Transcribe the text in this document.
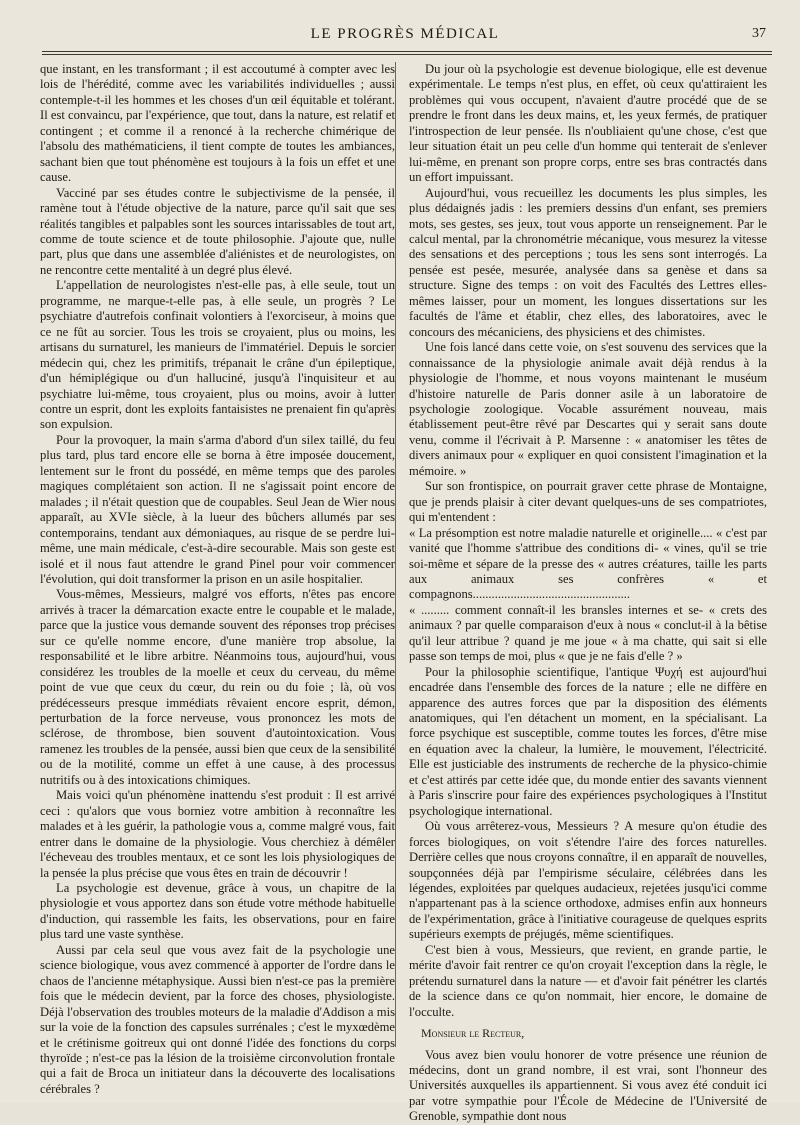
LE PROGRÈS MÉDICAL	37

que instant, en les transformant ; il est accoutumé à compter avec les lois de l'hérédité, comme avec les variabilités individuelles ; aussi contemple-t-il les hommes et les choses d'un œil équitable et tolérant. Il est convaincu, par l'expérience, que tout, dans la nature, est relatif et contingent ; et comme il a renoncé à la recherche chimérique de l'absolu des mathématiciens, il tient compte de toutes les ambiances, sachant bien que tout phénomène est toujours à la fois un effet et une cause.

Vacciné par ses études contre le subjectivisme de la pensée, il ramène tout à l'étude objective de la nature, parce qu'il sait que ses réalités tangibles et palpables sont les sources intarissables de tout art, comme de toute science et de toute philosophie. J'ajoute que, nulle part, plus que dans une assemblée d'aliénistes et de neurologistes, on ne rencontre cette mentalité à un degré plus élevé.

L'appellation de neurologistes n'est-elle pas, à elle seule, tout un programme, ne marque-t-elle pas, à elle seule, un progrès ? Le psychiatre d'autrefois confinait volontiers à l'exorciseur, à moins que ce ne fût au sorcier. Tous les trois se croyaient, plus ou moins, les artisans du surnaturel, les manieurs de l'immatériel. Depuis le sorcier médecin qui, chez les primitifs, trépanait le crâne d'un épileptique, d'un hémiplégique ou d'un halluciné, jusqu'à l'inquisiteur et au psychiatre lui-même, tous croyaient, plus ou moins, avoir à lutter contre un esprit, dont les exploits fantaisistes ne prenaient fin qu'après son expulsion.

Pour la provoquer, la main s'arma d'abord d'un silex taillé, du feu plus tard, plus tard encore elle se borna à être imposée doucement, lentement sur le front du possédé, en même temps que des paroles magiques complétaient son action. Il ne s'agissait point encore de malades ; il n'était question que de coupables. Seul Jean de Wier nous apparaît, au XVIe siècle, à la lueur des bûchers allumés par ses contemporains, tendant aux démoniaques, au risque de se perdre lui-même, une main médicale, c'est-à-dire secourable. Mais son geste est isolé et il nous faut attendre le grand Pinel pour voir commencer l'évolution, qui doit transformer la prison en un asile hospitalier.

Vous-mêmes, Messieurs, malgré vos efforts, n'êtes pas encore arrivés à tracer la démarcation exacte entre le coupable et le malade, parce que la justice vous demande souvent des réponses trop précises sur ce qu'elle nomme encore, d'une manière trop absolue, la responsabilité et le libre arbitre. Néanmoins tous, aujourd'hui, vous considérez les troubles de la moelle et ceux du cerveau, du même point de vue que ceux du cœur, du rein ou du foie ; là, où vos prédécesseurs presque immédiats rêvaient encore esprit, démon, perturbation de la force nerveuse, vous prononcez les mots de sclérose, de thrombose, bien souvent d'autointoxication. Vous ramenez les troubles de la pensée, aussi bien que ceux de la sensibilité ou de la motilité, comme un effet à une cause, à des processus nutritifs ou à des intoxications chimiques.

Mais voici qu'un phénomène inattendu s'est produit : Il est arrivé ceci : qu'alors que vous borniez votre ambition à reconnaître les malades et à les guérir, la pathologie vous a, comme malgré vous, fait entrer dans le domaine de la physiologie. Vous cherchiez à démêler l'écheveau des troubles mentaux, et ce sont les lois physiologiques de la pensée la plus précise que vous êtes en train de découvrir !

La psychologie est devenue, grâce à vous, un chapitre de la physiologie et vous apportez dans son étude votre méthode habituelle d'induction, qui rassemble les faits, les observations, pour en faire plus tard une vaste synthèse.

Aussi par cela seul que vous avez fait de la psychologie une science biologique, vous avez commencé à apporter de l'ordre dans le chaos de l'ancienne métaphysique. Aussi bien n'est-ce pas la première fois que le médecin devient, par la force des choses, physiologiste. Déjà l'observation des troubles moteurs de la maladie d'Addison a mis sur la voie de la fonction des capsules surrénales ; c'est le myxœdème et le crétinisme goitreux qui ont donné l'idée des fonctions du corps thyroïde ; n'est-ce pas la lésion de la troisième circonvolution frontale qui a fait de Broca un initiateur dans la découverte des localisations cérébrales ?

Du jour où la psychologie est devenue biologique, elle est devenue expérimentale. Le temps n'est plus, en effet, où ceux qu'attiraient les problèmes qui vous occupent, n'avaient d'autre procédé que de se prendre le front dans les deux mains, et, les yeux fermés, de pratiquer l'introspection de leur pensée. Ils n'oubliaient qu'une chose, c'est que leur situation était un peu celle d'un homme qui tenterait de s'enlever lui-même, en prenant son propre corps, entre ses bras contractés dans un effort impuissant.

Aujourd'hui, vous recueillez les documents les plus simples, les plus dédaignés jadis : les premiers dessins d'un enfant, ses premiers mots, ses gestes, ses jeux, tout vous apporte un renseignement. Par le calcul mental, par la chronométrie mécanique, vous mesurez la vitesse des sensations et des perceptions ; tous les sens sont interrogés. La pensée est pesée, mesurée, analysée dans sa genèse et dans sa structure. Signe des temps : on voit des Facultés des Lettres elles-mêmes laisser, pour un moment, les longues dissertations sur les facultés de l'âme et établir, chez elles, des laboratoires, avec le concours des mécaniciens, des physiciens et des chimistes.

Une fois lancé dans cette voie, on s'est souvenu des services que la connaissance de la physiologie animale avait déjà rendus à la physiologie de l'homme, et nous voyons maintenant le muséum d'histoire naturelle de Paris donner asile à un laboratoire de psychologie zoologique. Vocable assurément nouveau, mais établissement peut-être rêvé par Descartes qui y serait sans doute venu, comme il l'écrivait à P. Marsenne : « anatomiser les têtes de divers animaux pour « expliquer en quoi consistent l'imagination et la mémoire. »

Sur son frontispice, on pourrait graver cette phrase de Montaigne, que je prends plaisir à citer devant quelques-uns de ses compatriotes, qui m'entendent :

« La présomption est notre maladie naturelle et originelle.... « c'est par vanité que l'homme s'attribue des conditions di- « vines, qu'il se trie soi-même et sépare de la presse des « autres créatures, taille les parts aux animaux ses confrères « et compagnons..................................................

« ......... comment connaît-il les bransles internes et se- « crets des animaux ? par quelle comparaison d'eux à nous « conclut-il à la bêtise qu'il leur attribue ? quand je me joue « à ma chatte, qui sait si elle passe son temps de moi, plus « que je ne fais d'elle ? »

Pour la philosophie scientifique, l'antique Ψυχή est aujourd'hui encadrée dans l'ensemble des forces de la nature ; elle ne diffère en apparence des autres forces que par la disposition des éléments anatomiques, qui l'en détachent un moment, en la spécialisant. La force psychique est susceptible, comme toutes les forces, d'être mise en équation avec la chaleur, la lumière, le mouvement, l'électricité. Elle est justiciable des instruments de recherche de la physico-chimie et c'est attirés par cette idée que, du monde entier des savants viennent à Paris s'inscrire pour faire des expériences psychologiques à l'Institut psychologique international.

Où vous arrêterez-vous, Messieurs ? A mesure qu'on étudie des forces biologiques, on voit s'étendre l'aire des forces naturelles. Derrière celles que nous croyons connaître, il en apparaît de nouvelles, soupçonnées déjà par l'empirisme séculaire, célébrées dans les légendes, exploitées par quelques audacieux, rejetées jusqu'ici comme n'appartenant pas à la science orthodoxe, admises enfin aux honneurs de l'expérimentation, grâce à l'initiative courageuse de quelques esprits supérieurs exempts de préjugés, même scientifiques.

C'est bien à vous, Messieurs, que revient, en grande partie, le mérite d'avoir fait rentrer ce qu'on croyait l'exception dans la règle, le prétendu surnaturel dans la nature — et d'avoir fait pénétrer les clartés de la science dans ce qu'on nommait, hier encore, le domaine de l'occulte.

Monsieur le Recteur,

Vous avez bien voulu honorer de votre présence une réunion de médecins, dont un grand nombre, il est vrai, sont l'honneur des Universités auxquelles ils appartiennent. Si vous avez été conduit ici par votre sympathie pour l'École de Médecine de l'Université de Grenoble, sympathie dont nous
